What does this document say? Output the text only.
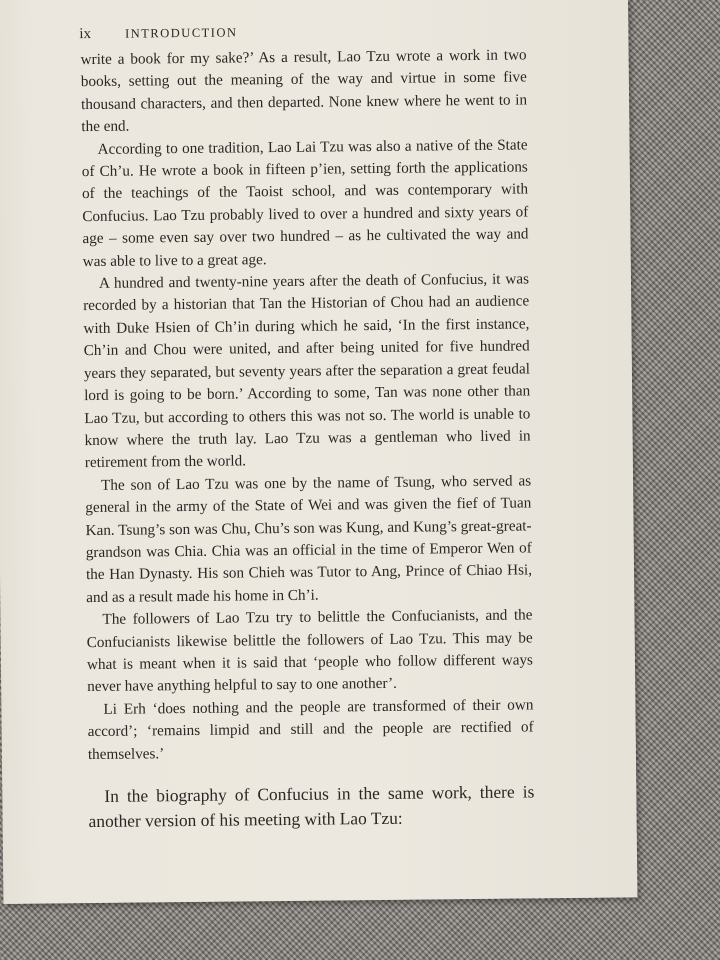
ix	INTRODUCTION

write a book for my sake?’ As a result, Lao Tzu wrote a work in two books, setting out the meaning of the way and virtue in some five thousand characters, and then departed. None knew where he went to in the end.

According to one tradition, Lao Lai Tzu was also a native of the State of Ch’u. He wrote a book in fifteen p’ien, setting forth the applications of the teachings of the Taoist school, and was contemporary with Confucius. Lao Tzu probably lived to over a hundred and sixty years of age – some even say over two hundred – as he cultivated the way and was able to live to a great age.

A hundred and twenty-nine years after the death of Confucius, it was recorded by a historian that Tan the Historian of Chou had an audience with Duke Hsien of Ch’in during which he said, ‘In the first instance, Ch’in and Chou were united, and after being united for five hundred years they separated, but seventy years after the separation a great feudal lord is going to be born.’ According to some, Tan was none other than Lao Tzu, but according to others this was not so. The world is unable to know where the truth lay. Lao Tzu was a gentleman who lived in retirement from the world.

The son of Lao Tzu was one by the name of Tsung, who served as general in the army of the State of Wei and was given the fief of Tuan Kan. Tsung’s son was Chu, Chu’s son was Kung, and Kung’s great-great-grandson was Chia. Chia was an official in the time of Emperor Wen of the Han Dynasty. His son Chieh was Tutor to Ang, Prince of Chiao Hsi, and as a result made his home in Ch’i.

The followers of Lao Tzu try to belittle the Confucianists, and the Confucianists likewise belittle the followers of Lao Tzu. This may be what is meant when it is said that ‘people who follow different ways never have anything helpful to say to one another’.

Li Erh ‘does nothing and the people are transformed of their own accord’; ‘remains limpid and still and the people are rectified of themselves.’

In the biography of Confucius in the same work, there is another version of his meeting with Lao Tzu:
